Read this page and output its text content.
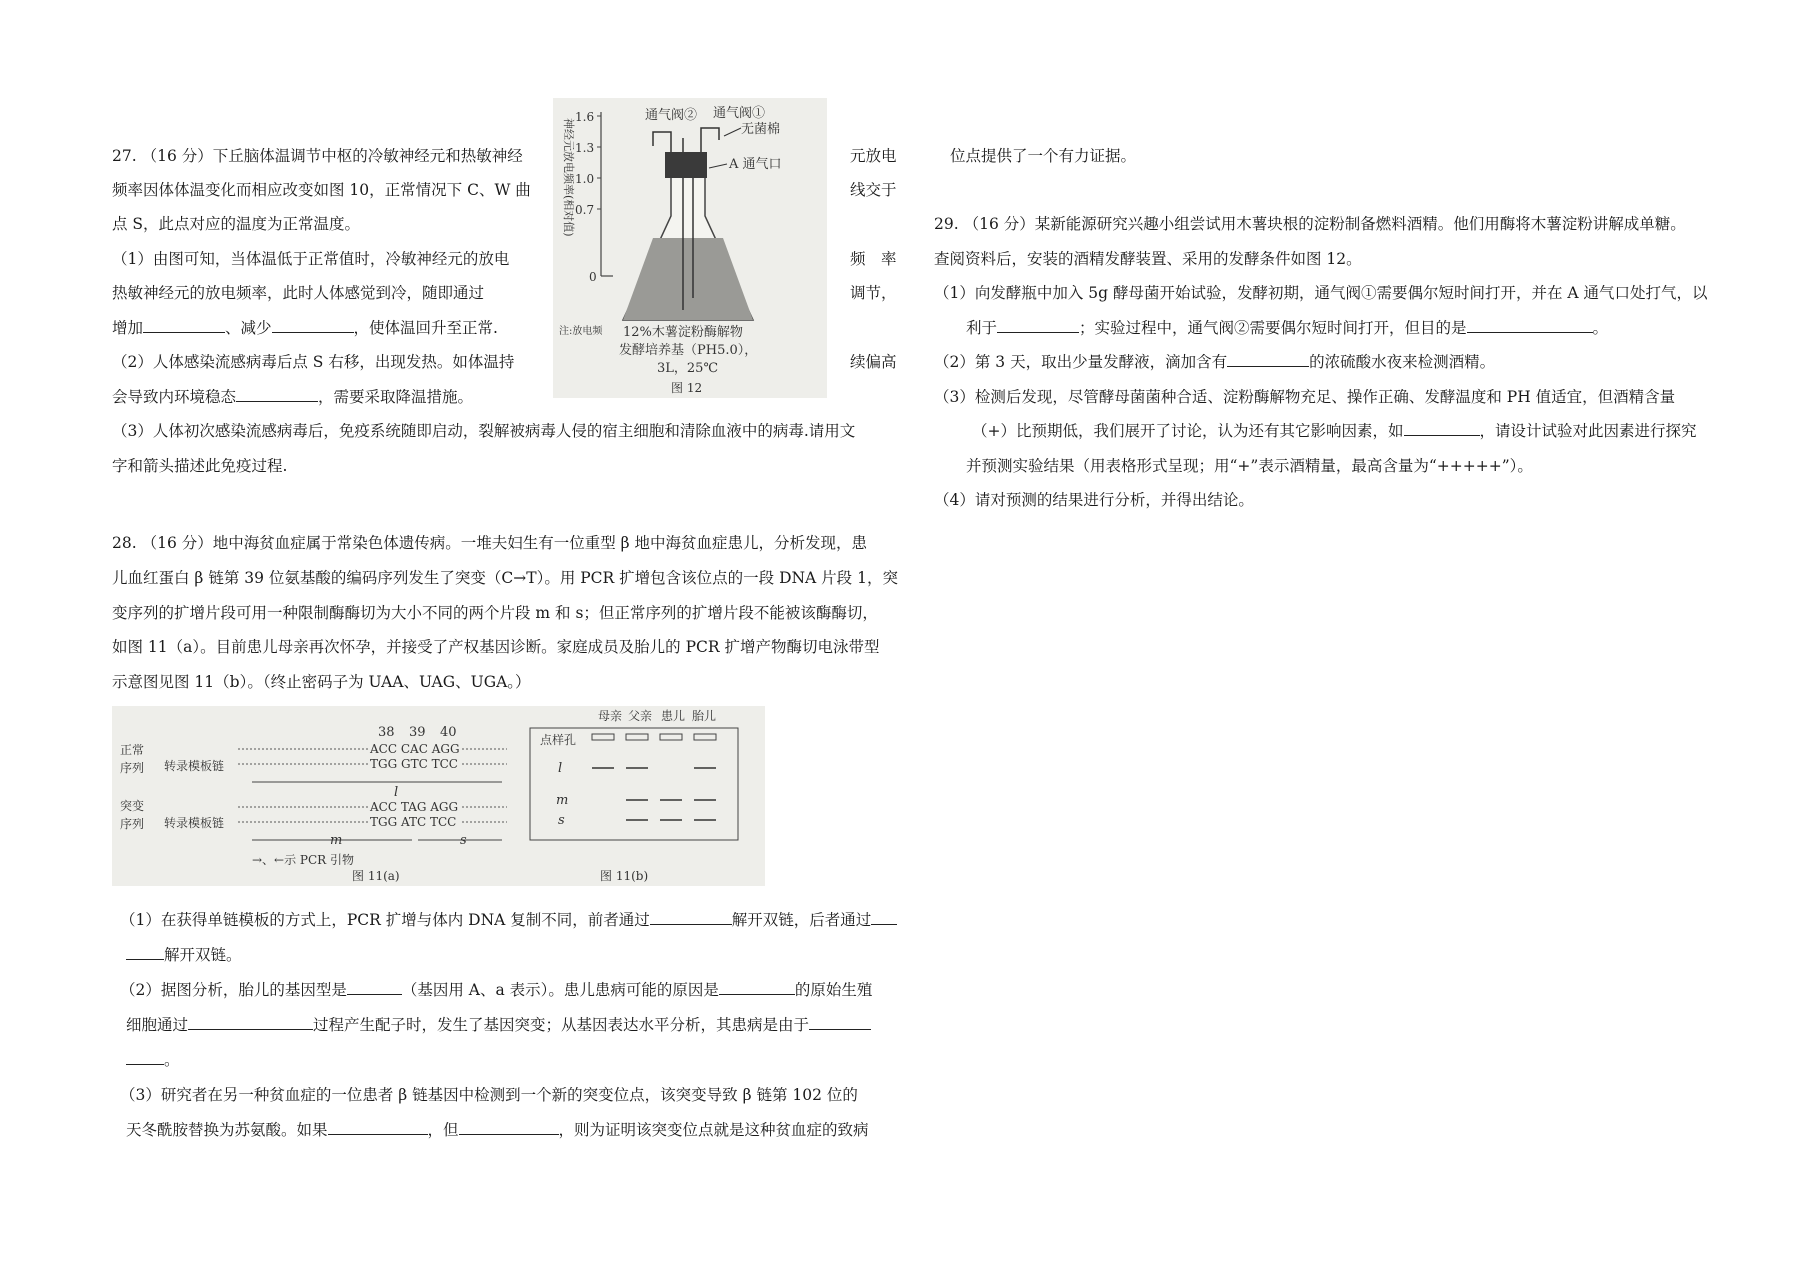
27. （16 分）下丘脑体温调节中枢的冷敏神经元和热敏神经	元放电
频率因体体温变化而相应改变如图 10，正常情况下 C、W 曲	线交于
点 S，此点对应的温度为正常温度。
（1）由图可知，当体温低于正常值时，冷敏神经元的放电	频　率
热敏神经元的放电频率，此时人体感觉到冷，随即通过	调节，
增加	、减少	，使体温回升至正常.
（2）人体感染流感病毒后点 S 右移，出现发热。如体温持	续偏高
会导致内环境稳态	，需要采取降温措施。
（3）人体初次感染流感病毒后，免疫系统随即启动，裂解被病毒人侵的宿主细胞和清除血液中的病毒.请用文
字和箭头描述此免疫过程.
1.6
1.3
1.0
0.7
0
神经元放电频率(相对值)
通气阀② 通气阀①
无菌棉
A 通气口
12%木薯淀粉酶解物
发酵培养基（PH5.0），
3L，25℃
注:放电频
图 12
28. （16 分）地中海贫血症属于常染色体遗传病。一堆夫妇生有一位重型 β 地中海贫血症患儿，分析发现，患
儿血红蛋白 β 链第 39 位氨基酸的编码序列发生了突变（C→T）。用 PCR 扩增包含该位点的一段 DNA 片段 1，突
变序列的扩增片段可用一种限制酶酶切为大小不同的两个片段 m 和 s；但正常序列的扩增片段不能被该酶酶切，
如图 11（a）。目前患儿母亲再次怀孕，并接受了产权基因诊断。家庭成员及胎儿的 PCR 扩增产物酶切电泳带型
示意图见图 11（b）。（终止密码子为 UAA、UAG、UGA。）
正常
序列
突变
序列
转录模板链
转录模板链
38 39 40
ACC CAC AGG
TGG GTC TCC
l
ACC TAG AGG
TGG ATC TCC
m	s
→、←示 PCR 引物
图 11(a)
母亲 父亲 患儿 胎儿
点样孔
l
m
s
图 11(b)
（1）在获得单链模板的方式上，PCR 扩增与体内 DNA 复制不同，前者通过	解开双链，后者通过
解开双链。
（2）据图分析，胎儿的基因型是	（基因用 A、a 表示）。患儿患病可能的原因是	的原始生殖
细胞通过	过程产生配子时，发生了基因突变；从基因表达水平分析，其患病是由于
。
（3）研究者在另一种贫血症的一位患者 β 链基因中检测到一个新的突变位点，该突变导致 β 链第 102 位的
天冬酰胺替换为苏氨酸。如果	，但	，则为证明该突变位点就是这种贫血症的致病
位点提供了一个有力证据。
29. （16 分）某新能源研究兴趣小组尝试用木薯块根的淀粉制备燃料酒精。他们用酶将木薯淀粉讲解成单糖。
查阅资料后，安装的酒精发酵装置、采用的发酵条件如图 12。
（1）向发酵瓶中加入 5g 酵母菌开始试验，发酵初期，通气阀①需要偶尔短时间打开，并在 A 通气口处打气，以
利于	；实验过程中，通气阀②需要偶尔短时间打开，但目的是	。
（2）第 3 天，取出少量发酵液，滴加含有	的浓硫酸水夜来检测酒精。
（3）检测后发现，尽管酵母菌菌种合适、淀粉酶解物充足、操作正确、发酵温度和 PH 值适宜，但酒精含量
（+）比预期低，我们展开了讨论，认为还有其它影响因素，如	，请设计试验对此因素进行探究
并预测实验结果（用表格形式呈现；用“+”表示酒精量，最高含量为“+++++”）。
（4）请对预测的结果进行分析，并得出结论。
